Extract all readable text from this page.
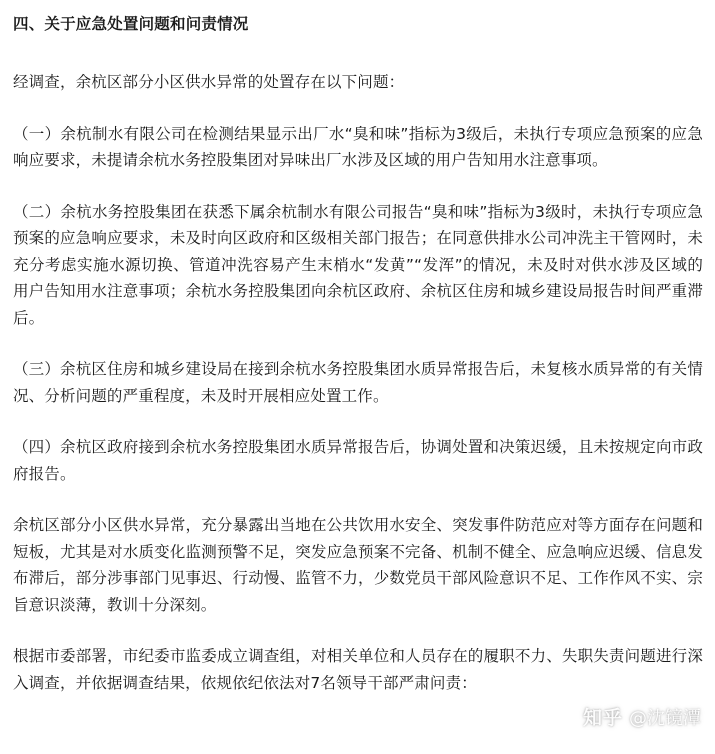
四、关于应急处置问题和问责情况

经调查，余杭区部分小区供水异常的处置存在以下问题：

（一）余杭制水有限公司在检测结果显示出厂水“臭和味”指标为3级后，未执行专项应急预案的应急响应要求，未提请余杭水务控股集团对异味出厂水涉及区域的用户告知用水注意事项。

（二）余杭水务控股集团在获悉下属余杭制水有限公司报告“臭和味”指标为3级时，未执行专项应急预案的应急响应要求，未及时向区政府和区级相关部门报告；在同意供排水公司冲洗主干管网时，未充分考虑实施水源切换、管道冲洗容易产生末梢水“发黄”“发浑”的情况，未及时对供水涉及区域的用户告知用水注意事项；余杭水务控股集团向余杭区政府、余杭区住房和城乡建设局报告时间严重滞后。

（三）余杭区住房和城乡建设局在接到余杭水务控股集团水质异常报告后，未复核水质异常的有关情况、分析问题的严重程度，未及时开展相应处置工作。

（四）余杭区政府接到余杭水务控股集团水质异常报告后，协调处置和决策迟缓，且未按规定向市政府报告。

余杭区部分小区供水异常，充分暴露出当地在公共饮用水安全、突发事件防范应对等方面存在问题和短板，尤其是对水质变化监测预警不足，突发应急预案不完备、机制不健全、应急响应迟缓、信息发布滞后，部分涉事部门见事迟、行动慢、监管不力，少数党员干部风险意识不足、工作作风不实、宗旨意识淡薄，教训十分深刻。

根据市委部署，市纪委市监委成立调查组，对相关单位和人员存在的履职不力、失职失责问题进行深入调查，并依据调查结果，依规依纪依法对7名领导干部严肃问责：

知乎 @沈镜潭
